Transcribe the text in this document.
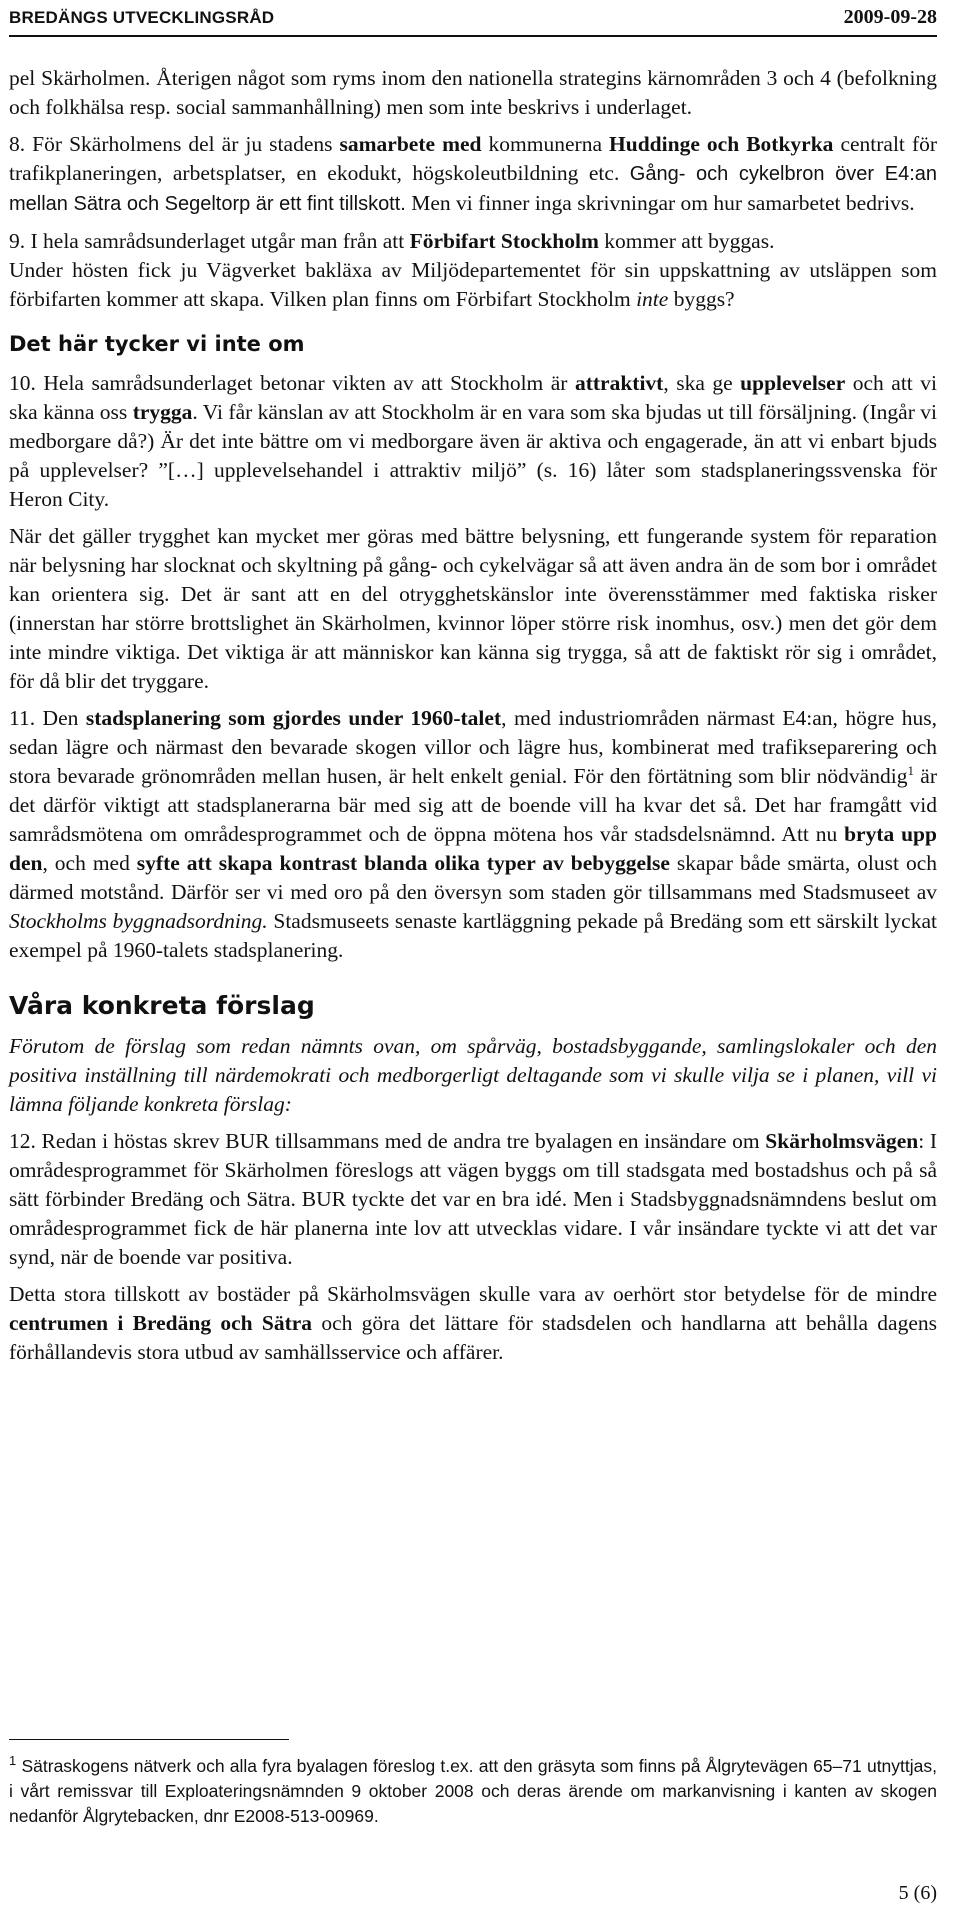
BREDÄNGS UTVECKLINGSRÅD	2009-09-28

pel Skärholmen. Återigen något som ryms inom den nationella strategins kärnområden 3 och 4 (befolkning och folkhälsa resp. social sammanhållning) men som inte beskrivs i underlaget.

8. För Skärholmens del är ju stadens samarbete med kommunerna Huddinge och Botkyrka centralt för trafikplaneringen, arbetsplatser, en ekodukt, högskoleutbildning etc. Gång- och cykelbron över E4:an mellan Sätra och Segeltorp är ett fint tillskott. Men vi finner inga skrivningar om hur samarbetet bedrivs.

9. I hela samrådsunderlaget utgår man från att Förbifart Stockholm kommer att byggas.

Under hösten fick ju Vägverket bakläxa av Miljödepartementet för sin uppskattning av utsläppen som förbifarten kommer att skapa. Vilken plan finns om Förbifart Stockholm inte byggs?

Det här tycker vi inte om

10. Hela samrådsunderlaget betonar vikten av att Stockholm är attraktivt, ska ge upplevelser och att vi ska känna oss trygga. Vi får känslan av att Stockholm är en vara som ska bjudas ut till försäljning. (Ingår vi medborgare då?) Är det inte bättre om vi medborgare även är aktiva och engagerade, än att vi enbart bjuds på upplevelser? ”[…] upplevelsehandel i attraktiv miljö” (s. 16) låter som stadsplaneringssvenska för Heron City.

När det gäller trygghet kan mycket mer göras med bättre belysning, ett fungerande system för reparation när belysning har slocknat och skyltning på gång- och cykelvägar så att även andra än de som bor i området kan orientera sig. Det är sant att en del otrygghetskänslor inte överensstämmer med faktiska risker (innerstan har större brottslighet än Skärholmen, kvinnor löper större risk inomhus, osv.) men det gör dem inte mindre viktiga. Det viktiga är att människor kan känna sig trygga, så att de faktiskt rör sig i området, för då blir det tryggare.

11. Den stadsplanering som gjordes under 1960-talet, med industriområden närmast E4:an, högre hus, sedan lägre och närmast den bevarade skogen villor och lägre hus, kombinerat med trafikseparering och stora bevarade grönområden mellan husen, är helt enkelt genial. För den förtätning som blir nödvändig$^1$ är det därför viktigt att stadsplanerarna bär med sig att de boende vill ha kvar det så. Det har framgått vid samrådsmötena om områdesprogrammet och de öppna mötena hos vår stadsdelsnämnd. Att nu bryta upp den, och med syfte att skapa kontrast blanda olika typer av bebyggelse skapar både smärta, olust och därmed motstånd. Därför ser vi med oro på den översyn som staden gör tillsammans med Stadsmuseet av Stockholms byggnadsordning. Stadsmuseets senaste kartläggning pekade på Bredäng som ett särskilt lyckat exempel på 1960-talets stadsplanering.

Våra konkreta förslag

Förutom de förslag som redan nämnts ovan, om spårväg, bostadsbyggande, samlingslokaler och den positiva inställning till närdemokrati och medborgerligt deltagande som vi skulle vilja se i planen, vill vi lämna följande konkreta förslag:

12. Redan i höstas skrev BUR tillsammans med de andra tre byalagen en insändare om Skärholmsvägen: I områdesprogrammet för Skärholmen föreslogs att vägen byggs om till stadsgata med bostadshus och på så sätt förbinder Bredäng och Sätra. BUR tyckte det var en bra idé. Men i Stadsbyggnadsnämndens beslut om områdesprogrammet fick de här planerna inte lov att utvecklas vidare. I vår insändare tyckte vi att det var synd, när de boende var positiva.

Detta stora tillskott av bostäder på Skärholmsvägen skulle vara av oerhört stor betydelse för de mindre centrumen i Bredäng och Sätra och göra det lättare för stadsdelen och handlarna att behålla dagens förhållandevis stora utbud av samhällsservice och affärer.

$^1$ Sätraskogens nätverk och alla fyra byalagen föreslog t.ex. att den gräsyta som finns på Ålgrytevägen 65–71 utnyttjas, i vårt remissvar till Exploateringsnämnden 9 oktober 2008 och deras ärende om markanvisning i kanten av skogen nedanför Ålgrytebacken, dnr E2008-513-00969.
5 (6)
